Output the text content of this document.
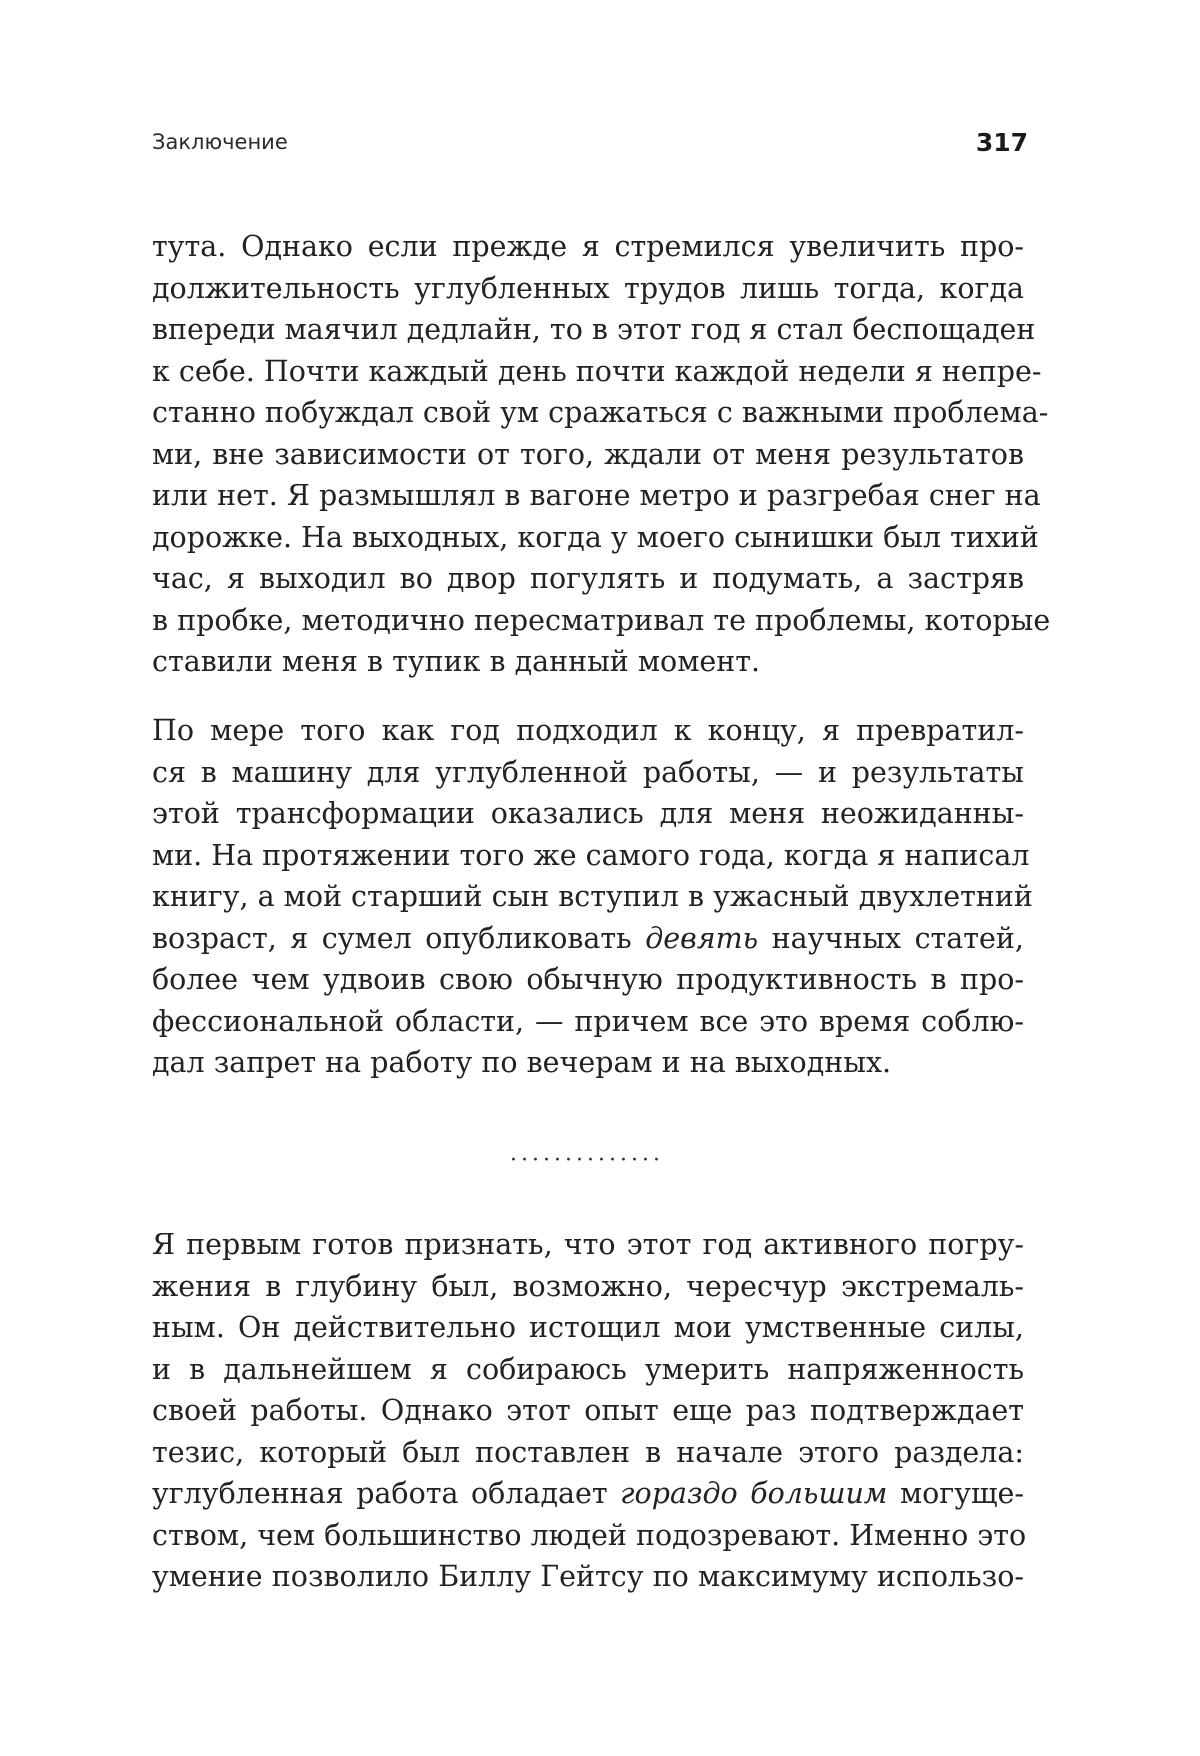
Заключение	317
тута. Однако если прежде я стремился увеличить про-
должительность углубленных трудов лишь тогда, когда
впереди маячил дедлайн, то в этот год я стал беспощаден
к себе. Почти каждый день почти каждой недели я непре-
станно побуждал свой ум сражаться с важными проблема-
ми, вне зависимости от того, ждали от меня результатов
или нет. Я размышлял в вагоне метро и разгребая снег на
дорожке. На выходных, когда у моего сынишки был тихий
час, я выходил во двор погулять и подумать, а застряв
в пробке, методично пересматривал те проблемы, которые
ставили меня в тупик в данный момент.
По мере того как год подходил к концу, я превратил-
ся в машину для углубленной работы, — и результаты
этой трансформации оказались для меня неожиданны-
ми. На протяжении того же самого года, когда я написал
книгу, а мой старший сын вступил в ужасный двухлетний
возраст, я сумел опубликовать девять научных статей,
более чем удвоив свою обычную продуктивность в про-
фессиональной области, — причем все это время соблю-
дал запрет на работу по вечерам и на выходных.
··············
Я первым готов признать, что этот год активного погру-
жения в глубину был, возможно, чересчур экстремаль-
ным. Он действительно истощил мои умственные силы,
и в дальнейшем я собираюсь умерить напряженность
своей работы. Однако этот опыт еще раз подтверждает
тезис, который был поставлен в начале этого раздела:
углубленная работа обладает гораздо большим могуще-
ством, чем большинство людей подозревают. Именно это
умение позволило Биллу Гейтсу по максимуму использо-
